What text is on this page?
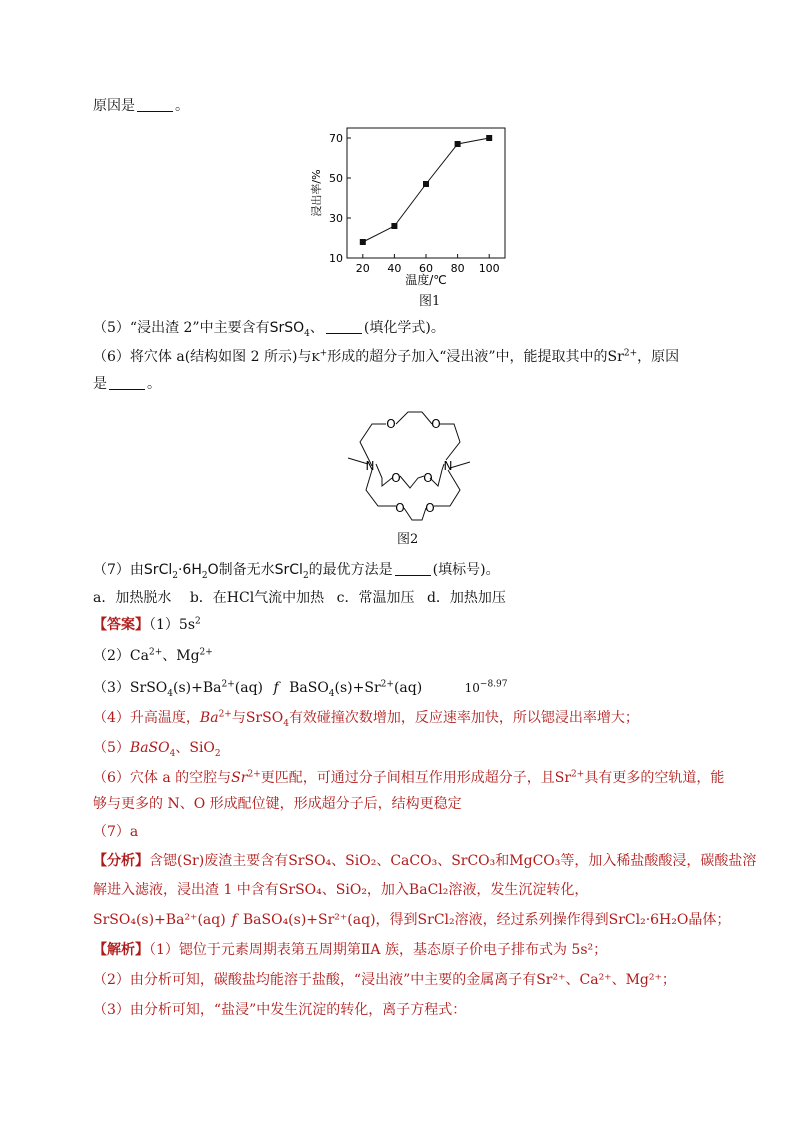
原因是	。
10
30
50
70
20 40 60 80 100
浸出率/%
温度/℃
图1
（5）“浸出渣 2”中主要含有SrSO$_4$、	(填化学式)。
（6）将穴体 a(结构如图 2 所示)与K+形成的超分子加入“浸出液”中，能提取其中的$Sr^{2+}$，原因
是	。
O	O
N
O O
N
O O
图2
（7）由$SrCl_2\cdot 6H_2O$制备无水SrCl$_2$的最优方法是	(填标号)。
a．加热脱水 b．在HCl气流中加热 c．常温加压 d．加热加压
【答案】$(1)5s^2$
$(2)Ca^{2+}$、$Mg^{2+}$
$(3)SrSO_4(s)+Ba^{2+}(aq)$ f $BaSO_4(s)+Sr^{2+}(aq)$	$10^{-8.97}$
（4）升高温度，$Ba^{2+}$与SrSO$_4$有效碰撞次数增加，反应速率加快，所以锶浸出率增大；
（5）BaSO$_4$、SiO$_2$
（6）穴体 a 的空腔与$Sr^{2+}$更匹配，可通过分子间相互作用形成超分子，且$Sr^{2+}$具有更多的空轨道，能
够与更多的 N、O 形成配位键，形成超分子后，结构更稳定
（7）a
【分析】含锶(Sr)废渣主要含有SrSO₄、SiO₂、CaCO₃、SrCO₃和MgCO₃等，加入稀盐酸酸浸，碳酸盐溶
解进入滤液，浸出渣 1 中含有SrSO₄、SiO₂，加入BaCl₂溶液，发生沉淀转化，
SrSO₄(s)+Ba²⁺(aq) f BaSO₄(s)+Sr²⁺(aq)，得到SrCl₂溶液，经过系列操作得到SrCl₂·6H₂O晶体；
【解析】（1）锶位于元素周期表第五周期第ⅡA 族，基态原子价电子排布式为 5s²；
（2）由分析可知，碳酸盐均能溶于盐酸，“浸出液”中主要的金属离子有Sr²⁺、Ca²⁺、Mg²⁺；
（3）由分析可知，“盐浸”中发生沉淀的转化，离子方程式：
